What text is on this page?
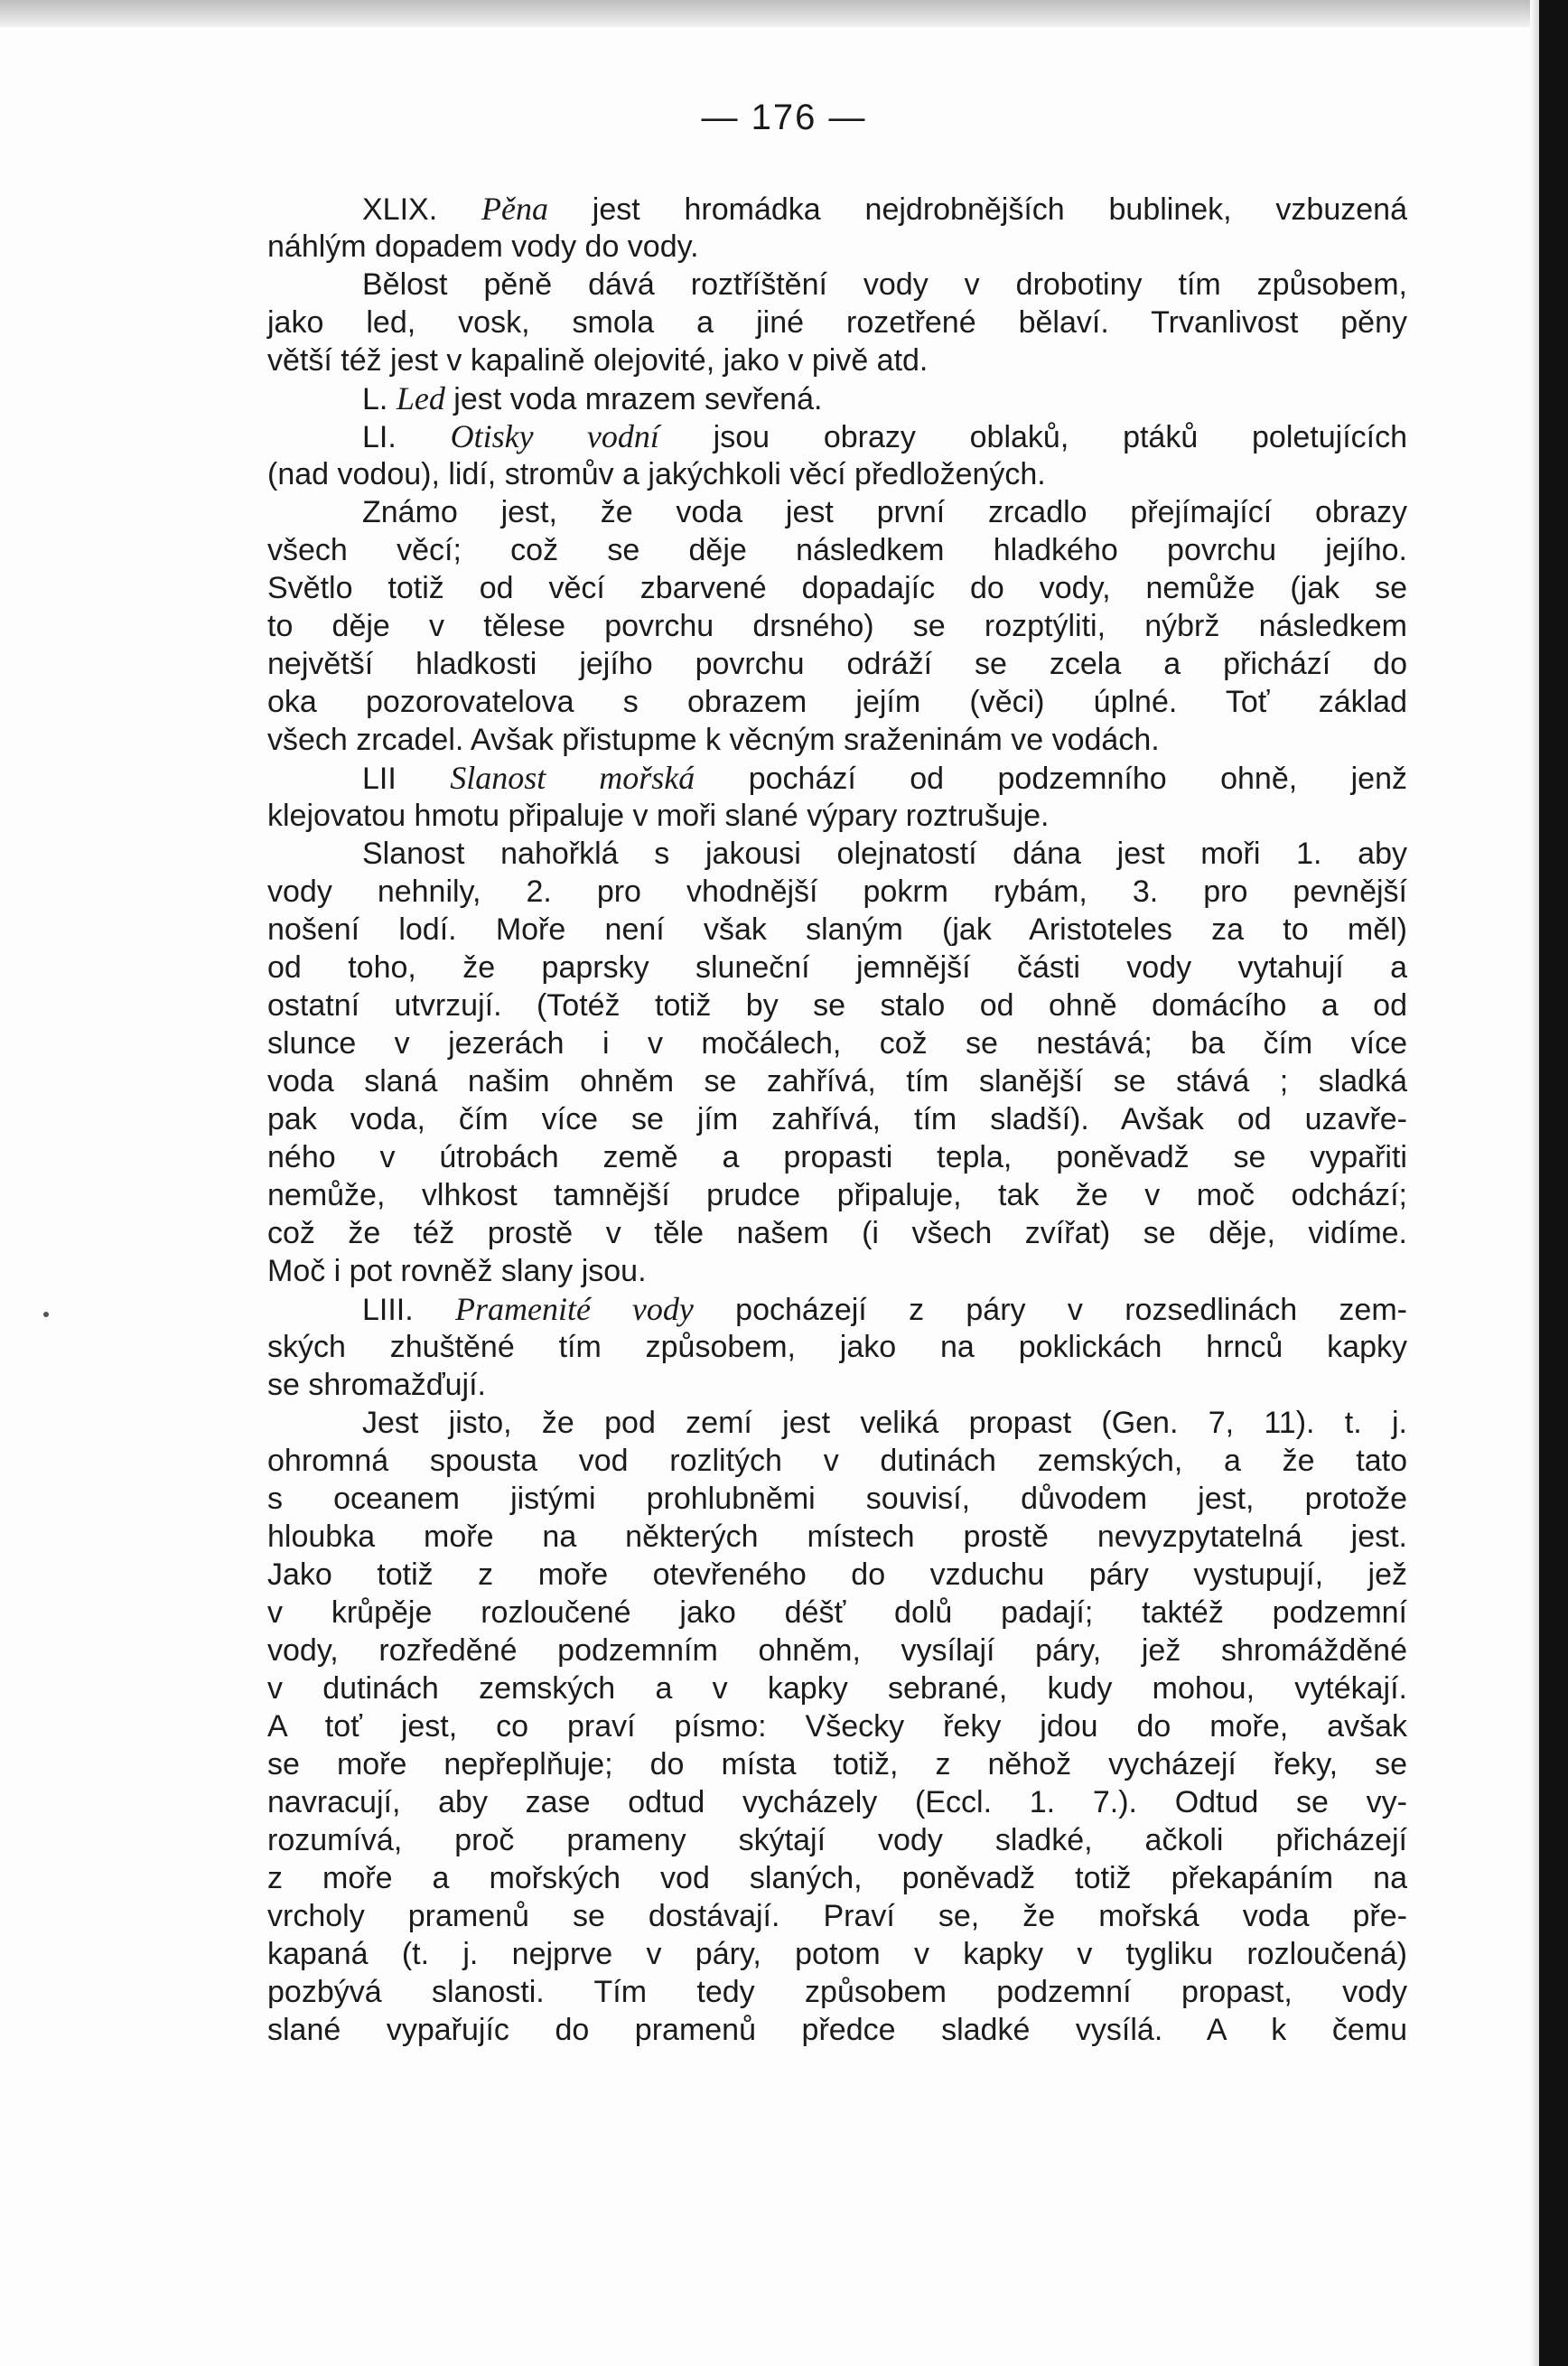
— 176 —
XLIX. Pěna jest hromádka nejdrobnějších bublinek, vzbuzená
náhlým dopadem vody do vody.
Bělost pěně dává roztříštění vody v drobotiny tím způsobem,
jako led, vosk, smola a jiné rozetřené bělaví. Trvanlivost pěny
větší též jest v kapalině olejovité, jako v pivě atd.
L. Led jest voda mrazem sevřená.
LI. Otisky vodní jsou obrazy oblaků, ptáků poletujících
(nad vodou), lidí, stromův a jakýchkoli věcí předložených.
Známo jest, že voda jest první zrcadlo přejímající obrazy
všech věcí; což se děje následkem hladkého povrchu jejího.
Světlo totiž od věcí zbarvené dopadajíc do vody, nemůže (jak se
to děje v tělese povrchu drsného) se rozptýliti, nýbrž následkem
největší hladkosti jejího povrchu odráží se zcela a přichází do
oka pozorovatelova s obrazem jejím (věci) úplné. Toť základ
všech zrcadel. Avšak přistupme k věcným sraženinám ve vodách.
LII Slanost mořská pochází od podzemního ohně, jenž
klejovatou hmotu připaluje v moři slané výpary roztrušuje.
Slanost nahořklá s jakousi olejnatostí dána jest moři 1. aby
vody nehnily, 2. pro vhodnější pokrm rybám, 3. pro pevnější
nošení lodí. Moře není však slaným (jak Aristoteles za to měl)
od toho, že paprsky sluneční jemnější části vody vytahují a
ostatní utvrzují. (Totéž totiž by se stalo od ohně domácího a od
slunce v jezerách i v močálech, což se nestává; ba čím více
voda slaná našim ohněm se zahřívá, tím slanější se stává ; sladká
pak voda, čím více se jím zahřívá, tím sladší). Avšak od uzavře-
ného v útrobách země a propasti tepla, poněvadž se vypařiti
nemůže, vlhkost tamnější prudce připaluje, tak že v moč odchází;
což že též prostě v těle našem (i všech zvířat) se děje, vidíme.
Moč i pot rovněž slany jsou.
LIII. Pramenité vody pocházejí z páry v rozsedlinách zem-
ských zhuštěné tím způsobem, jako na poklickách hrnců kapky
se shromažďují.
Jest jisto, že pod zemí jest veliká propast (Gen. 7, 11). t. j.
ohromná spousta vod rozlitých v dutinách zemských, a že tato
s oceanem jistými prohlubněmi souvisí, důvodem jest, protože
hloubka moře na některých místech prostě nevyzpytatelná jest.
Jako totiž z moře otevřeného do vzduchu páry vystupují, jež
v krůpěje rozloučené jako déšť dolů padají; taktéž podzemní
vody, rozředěné podzemním ohněm, vysílají páry, jež shromážděné
v dutinách zemských a v kapky sebrané, kudy mohou, vytékají.
A toť jest, co praví písmo: Všecky řeky jdou do moře, avšak
se moře nepřeplňuje; do místa totiž, z něhož vycházejí řeky, se
navracují, aby zase odtud vycházely (Eccl. 1. 7.). Odtud se vy-
rozumívá, proč prameny skýtají vody sladké, ačkoli přicházejí
z moře a mořských vod slaných, poněvadž totiž překapáním na
vrcholy pramenů se dostávají. Praví se, že mořská voda pře-
kapaná (t. j. nejprve v páry, potom v kapky v tygliku rozloučená)
pozbývá slanosti. Tím tedy způsobem podzemní propast, vody
slané vypařujíc do pramenů předce sladké vysílá. A k čemu
